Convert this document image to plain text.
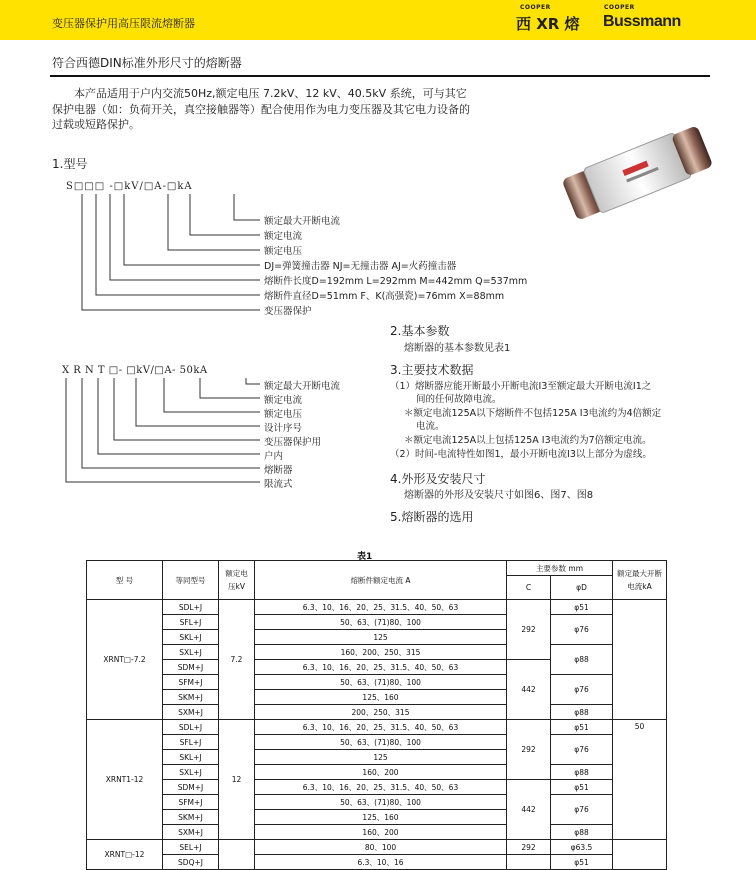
变压器保护用高压限流熔断器
COOPER
西 XR 熔
COOPER
Bussmann
符合西德DIN标准外形尺寸的熔断器
本产品适用于户内交流50Hz,额定电压 7.2kV、12 kV、40.5kV 系统，可与其它保护电器（如：负荷开关，真空接触器等）配合使用作为电力变压器及其它电力设备的过载或短路保护。
1.型号
S□□□ -□kV/□A-□kA
额定最大开断电流
额定电流
额定电压
DJ=弹簧撞击器 NJ=无撞击器 AJ=火药撞击器
熔断件长度D=192mm L=292mm M=442mm Q=537mm
熔断件直径D=51mm F、K(高强瓷)=76mm X=88mm
变压器保护
X R N T □- □kV/□A- 50kA
额定最大开断电流
额定电流
额定电压
设计序号
变压器保护用
户内
熔断器
限流式
2.基本参数
熔断器的基本参数见表1
3.主要技术数据
（1）熔断器应能开断最小开断电流I3至额定最大开断电流I1之
间的任何故障电流。
＊额定电流125A以下熔断件不包括125A I3电流约为4倍额定
电流。
＊额定电流125A以上包括125A I3电流约为7倍额定电流。
（2）时间-电流特性如图1，最小开断电流I3以上部分为虚线。
4.外形及安装尺寸
熔断器的外形及安装尺寸如图6、图7、图8
5.熔断器的选用
表1
型 号	等同型号	额定电压kV	熔断件额定电流 A	主要参数 mm		额定最大开断电流kA
				C	φD	
XRNT□-7.2	SDL+J	7.2	6.3、10、16、20、25、31.5、40、50、63	292	φ51	
	SFL+J		50、63、(71)80、100		φ76	
	SKL+J		125			
	SXL+J		160、200、250、315		φ88	
	SDM+J		6.3、10、16、20、25、31.5、40、50、63	442		
	SFM+J		50、63、(71)80、100		φ76	
	SKM+J		125、160			
	SXM+J		200、250、315		φ88	
XRNT1-12	SDL+J	12	6.3、10、16、20、25、31.5、40、50、63	292	φ51	50
	SFL+J		50、63、(71)80、100		φ76	
	SKL+J		125			
	SXL+J		160、200		φ88	
	SDM+J		6.3、10、16、20、25、31.5、40、50、63	442	φ51	
	SFM+J		50、63、(71)80、100		φ76	
	SKM+J		125、160			
	SXM+J		160、200		φ88	
XRNT□-12	SEL+J		80、100	292	φ63.5	
	SDQ+J		6.3、10、16		φ51	
